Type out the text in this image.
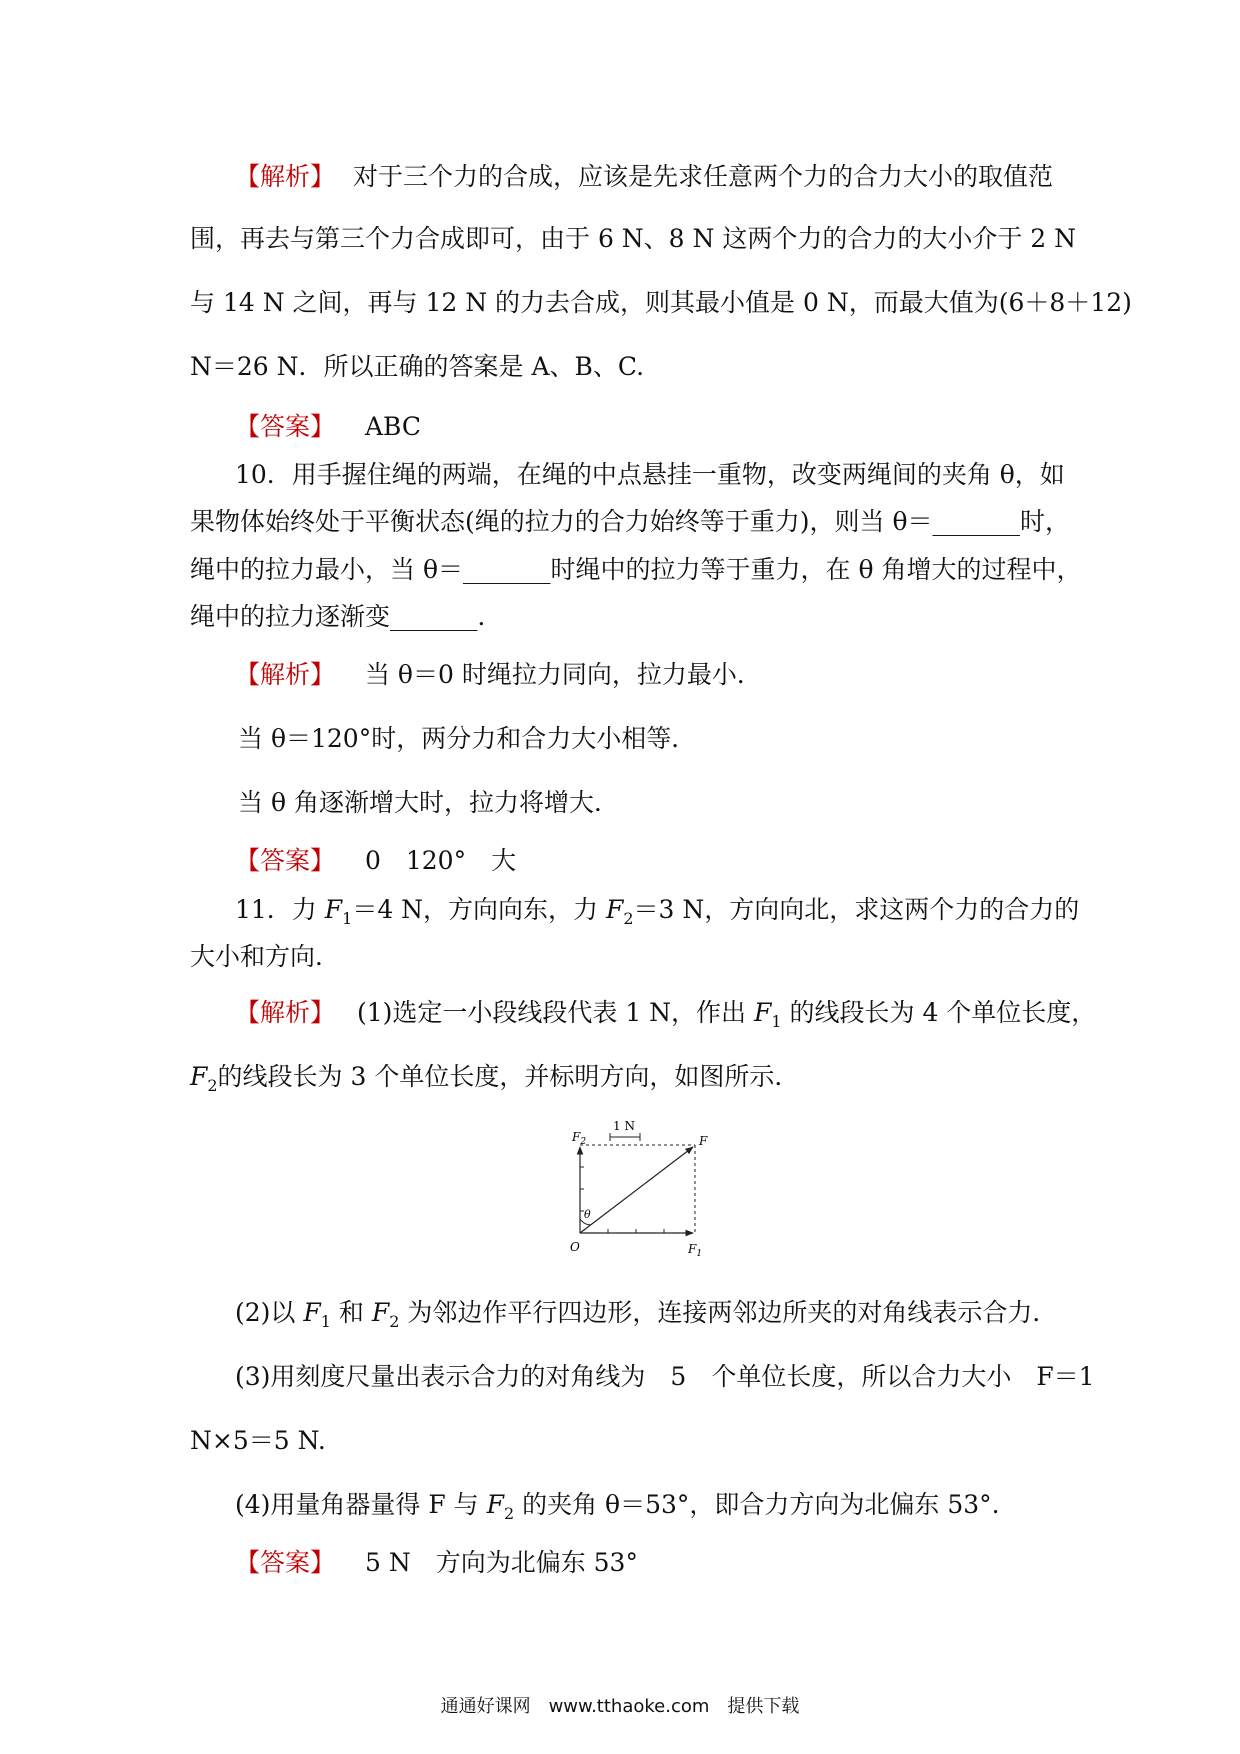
【解析】 对于三个力的合成，应该是先求任意两个力的合力大小的取值范
围，再去与第三个力合成即可，由于 6 N、8 N 这两个力的合力的大小介于 2 N
与 14 N 之间，再与 12 N 的力去合成，则其最小值是 0 N，而最大值为(6＋8＋12)
N＝26 N．所以正确的答案是 A、B、C.
【答案】 ABC
10．用手握住绳的两端，在绳的中点悬挂一重物，改变两绳间的夹角 θ，如
果物体始终处于平衡状态(绳的拉力的合力始终等于重力)，则当 θ＝_______时，
绳中的拉力最小，当 θ＝_______时绳中的拉力等于重力，在 θ 角增大的过程中，
绳中的拉力逐渐变_______．
【解析】 当 θ＝0 时绳拉力同向，拉力最小．
当 θ＝120°时，两分力和合力大小相等．
当 θ 角逐渐增大时，拉力将增大．
【答案】 0　120°　大
11．力 $F_1=4$ N，方向向东，力 $F_2=3$ N，方向向北，求这两个力的合力的
大小和方向．
【解析】 (1)选定一小段线段代表 1 N，作出 $F_1$ 的线段长为 4 个单位长度，
$F_2$的线段长为 3 个单位长度，并标明方向，如图所示．
1 N
θ
$F_2$	F
O	$F_1$
(2)以 $F_1$ 和 $F_2$ 为邻边作平行四边形，连接两邻边所夹的对角线表示合力．
(3)用刻度尺量出表示合力的对角线为　5　个单位长度，所以合力大小　F＝1
N×5＝5 N.
(4)用量角器量得 F 与 $F_2$ 的夹角 θ＝53°，即合力方向为北偏东 53°.
【答案】 5 N　方向为北偏东 53°
通通好课网　www.tthaoke.com　提供下载
